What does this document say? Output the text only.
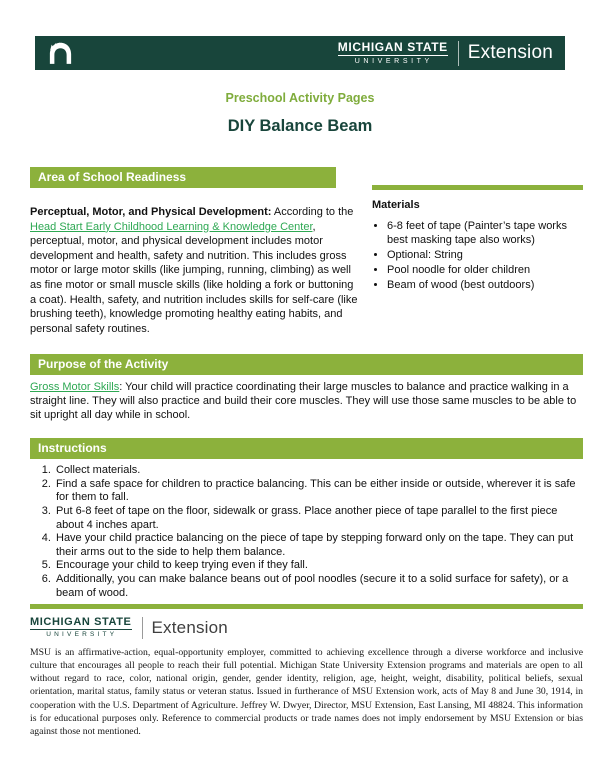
MICHIGAN STATE
UNIVERSITY	Extension
Preschool Activity Pages
DIY Balance Beam
Area of School Readiness
Perceptual, Motor, and Physical Development: According to the Head Start Early Childhood Learning & Knowledge Center, perceptual, motor, and physical development includes motor development and health, safety and nutrition. This includes gross motor or large motor skills (like jumping, running, climbing) as well as fine motor or small muscle skills (like holding a fork or buttoning a coat). Health, safety, and nutrition includes skills for self-care (like brushing teeth), knowledge promoting healthy eating habits, and personal safety routines.
Materials
• 6-8 feet of tape (Painter’s tape works best masking tape also works)
• Optional: String
• Pool noodle for older children
• Beam of wood (best outdoors)
Purpose of the Activity
Gross Motor Skills: Your child will practice coordinating their large muscles to balance and practice walking in a straight line. They will also practice and build their core muscles. They will use those same muscles to be able to sit upright all day while in school.
Instructions
1. Collect materials.
2. Find a safe space for children to practice balancing. This can be either inside or outside, wherever it is safe for them to fall.
3. Put 6-8 feet of tape on the floor, sidewalk or grass. Place another piece of tape parallel to the first piece about 4 inches apart.
4. Have your child practice balancing on the piece of tape by stepping forward only on the tape. They can put their arms out to the side to help them balance.
5. Encourage your child to keep trying even if they fall.
6. Additionally, you can make balance beans out of pool noodles (secure it to a solid surface for safety), or a beam of wood.
MICHIGAN STATE
UNIVERSITY	Extension
MSU is an affirmative-action, equal-opportunity employer, committed to achieving excellence through a diverse workforce and inclusive culture that encourages all people to reach their full potential. Michigan State University Extension programs and materials are open to all without regard to race, color, national origin, gender, gender identity, religion, age, height, weight, disability, political beliefs, sexual orientation, marital status, family status or veteran status. Issued in furtherance of MSU Extension work, acts of May 8 and June 30, 1914, in cooperation with the U.S. Department of Agriculture. Jeffrey W. Dwyer, Director, MSU Extension, East Lansing, MI 48824. This information is for educational purposes only. Reference to commercial products or trade names does not imply endorsement by MSU Extension or bias against those not mentioned.
